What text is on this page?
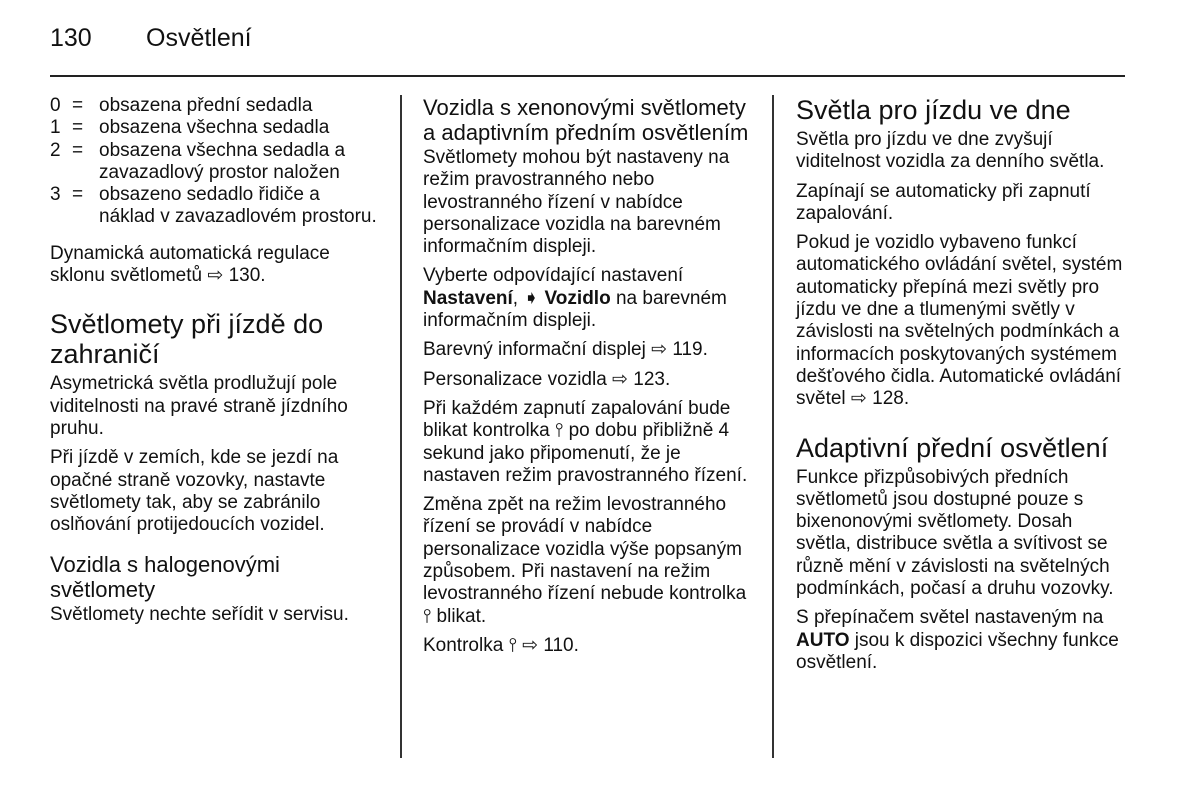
130 Osvětlení
0 = obsazena přední sedadla
1 = obsazena všechna sedadla
2 = obsazena všechna sedadla a zavazadlový prostor naložen
3 = obsazeno sedadlo řidiče a náklad v zavazadlovém prostoru.

Dynamická automatická regulace sklonu světlometů ⇨ 130.

Světlomety při jízdě do zahraničí

Asymetrická světla prodlužují pole viditelnosti na pravé straně jízdního pruhu.

Při jízdě v zemích, kde se jezdí na opačné straně vozovky, nastavte světlomety tak, aby se zabránilo oslňování protijedoucích vozidel.

Vozidla s halogenovými světlomety

Světlomety nechte seřídit v servisu.

Vozidla s xenonovými světlomety a adaptivním předním osvětlením

Světlomety mohou být nastaveny na režim pravostranného nebo levostranného řízení v nabídce personalizace vozidla na barevném informačním displeji.

Vyberte odpovídající nastavení Nastavení, ➧ Vozidlo na barevném informačním displeji.

Barevný informační displej ⇨ 119.

Personalizace vozidla ⇨ 123.

Při každém zapnutí zapalování bude blikat kontrolka ⫯ po dobu přibližně 4 sekund jako připomenutí, že je nastaven režim pravostranného řízení.

Změna zpět na režim levostranného řízení se provádí v nabídce personalizace vozidla výše popsaným způsobem. Při nastavení na režim levostranného řízení nebude kontrolka ⫯ blikat.

Kontrolka ⫯ ⇨ 110.

Světla pro jízdu ve dne

Světla pro jízdu ve dne zvyšují viditelnost vozidla za denního světla.

Zapínají se automaticky při zapnutí zapalování.

Pokud je vozidlo vybaveno funkcí automatického ovládání světel, systém automaticky přepíná mezi světly pro jízdu ve dne a tlumenými světly v závislosti na světelných podmínkách a informacích poskytovaných systémem dešťového čidla. Automatické ovládání světel ⇨ 128.

Adaptivní přední osvětlení

Funkce přizpůsobivých předních světlometů jsou dostupné pouze s bixenonovými světlomety. Dosah světla, distribuce světla a svítivost se různě mění v závislosti na světelných podmínkách, počasí a druhu vozovky.

S přepínačem světel nastaveným na AUTO jsou k dispozici všechny funkce osvětlení.
